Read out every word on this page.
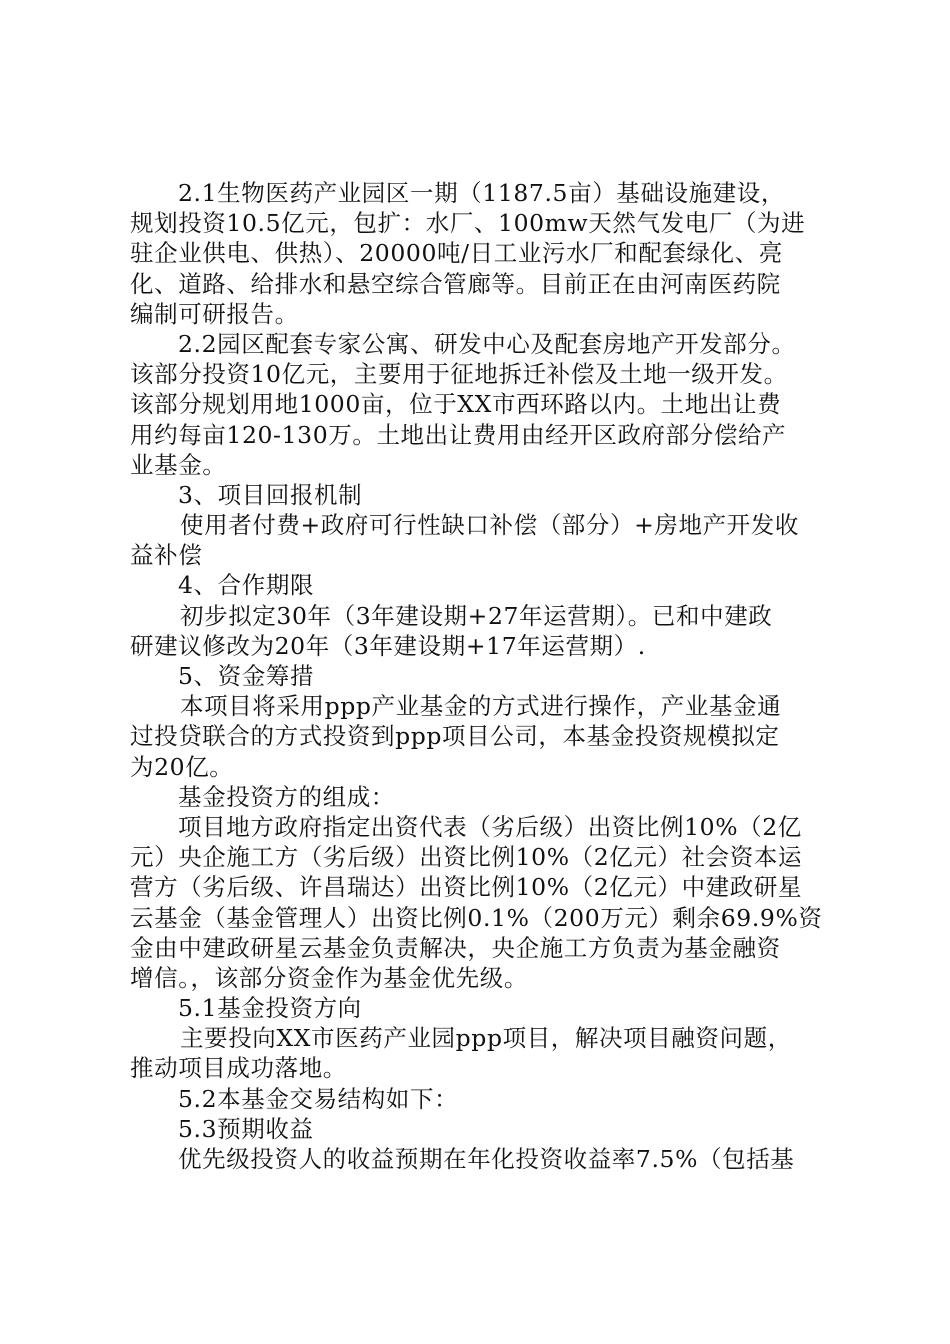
2.1生物医药产业园区一期（1187.5亩）基础设施建设，
规划投资10.5亿元，包扩：水厂、100mw天然气发电厂（为进
驻企业供电、供热）、20000吨/日工业污水厂和配套绿化、亮
化、道路、给排水和悬空综合管廊等。目前正在由河南医药院
编制可研报告。
2.2园区配套专家公寓、研发中心及配套房地产开发部分。
该部分投资10亿元，主要用于征地拆迁补偿及土地一级开发。
该部分规划用地1000亩，位于XX市西环路以内。土地出让费
用约每亩120-130万。土地出让费用由经开区政府部分偿给产
业基金。
3、项目回报机制
使用者付费+政府可行性缺口补偿（部分）+房地产开发收
益补偿
4、合作期限
初步拟定30年（3年建设期+27年运营期）。已和中建政
研建议修改为20年（3年建设期+17年运营期）.
5、资金筹措
本项目将采用ppp产业基金的方式进行操作，产业基金通
过投贷联合的方式投资到ppp项目公司，本基金投资规模拟定
为20亿。
基金投资方的组成：
项目地方政府指定出资代表（劣后级）出资比例10%（2亿
元）央企施工方（劣后级）出资比例10%（2亿元）社会资本运
营方（劣后级、许昌瑞达）出资比例10%（2亿元）中建政研星
云基金（基金管理人）出资比例0.1%（200万元）剩余69.9%资
金由中建政研星云基金负责解决，央企施工方负责为基金融资
增信。，该部分资金作为基金优先级。
5.1基金投资方向
主要投向XX市医药产业园ppp项目，解决项目融资问题，
推动项目成功落地。
5.2本基金交易结构如下：
5.3预期收益
优先级投资人的收益预期在年化投资收益率7.5%（包括基
